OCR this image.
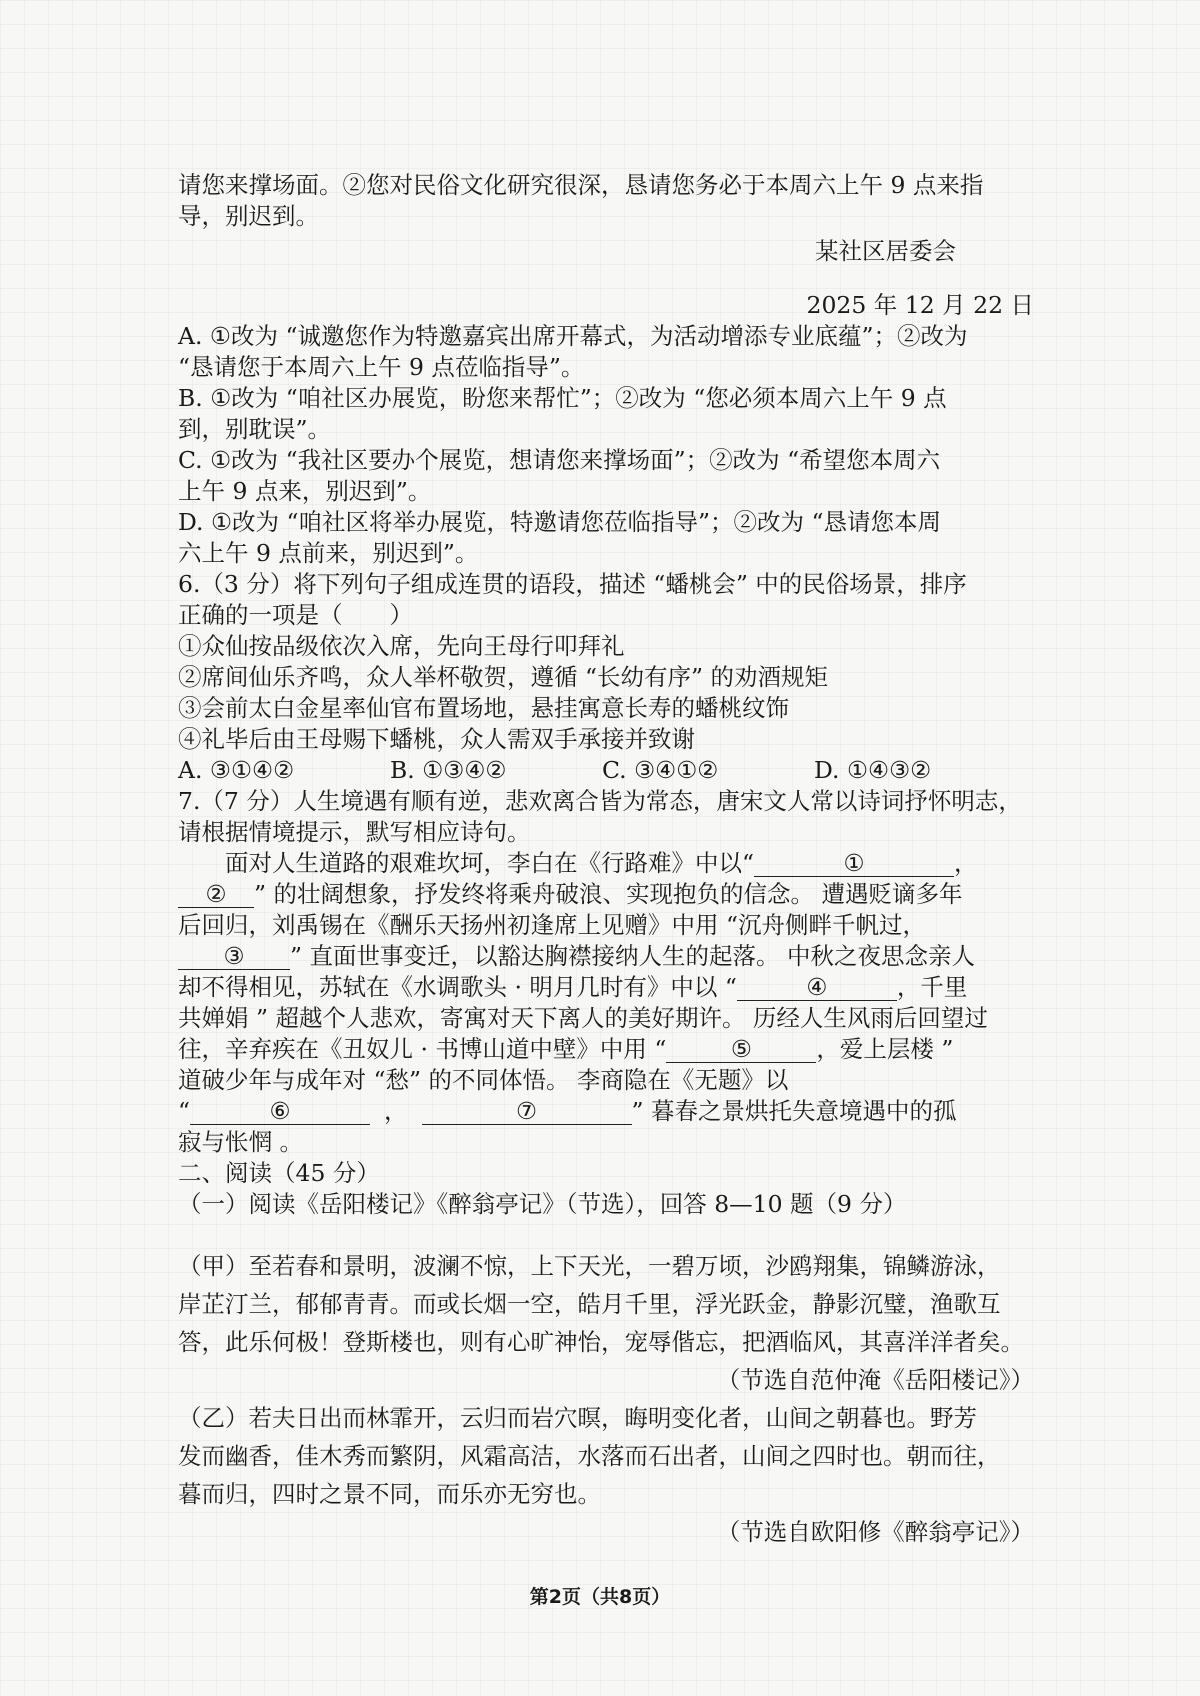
请您来撑场面。②您对民俗文化研究很深，恳请您务必于本周六上午 9 点来指
导，别迟到。
某社区居委会
2025 年 12 月 22 日
A. ①改为 “诚邀您作为特邀嘉宾出席开幕式，为活动增添专业底蕴”；②改为
“恳请您于本周六上午 9 点莅临指导”。
B. ①改为 “咱社区办展览，盼您来帮忙”；②改为 “您必须本周六上午 9 点
到，别耽误”。
C. ①改为 “我社区要办个展览，想请您来撑场面”；②改为 “希望您本周六
上午 9 点来，别迟到”。
D. ①改为 “咱社区将举办展览，特邀请您莅临指导”；②改为 “恳请您本周
六上午 9 点前来，别迟到”。
6.（3 分）将下列句子组成连贯的语段，描述 “蟠桃会” 中的民俗场景，排序
正确的一项是（　　）
①众仙按品级依次入席，先向王母行叩拜礼
②席间仙乐齐鸣，众人举杯敬贺，遵循 “长幼有序” 的劝酒规矩
③会前太白金星率仙官布置场地，悬挂寓意长寿的蟠桃纹饰
④礼毕后由王母赐下蟠桃，众人需双手承接并致谢
A. ③①④②	B. ①③④②	C. ③④①②	D. ①④③②
7.（7 分）人生境遇有顺有逆，悲欢离合皆为常态，唐宋文人常以诗词抒怀明志，
请根据情境提示，默写相应诗句。
面对人生道路的艰难坎坷，李白在《行路难》中以“	①	，
② ” 的壮阔想象，抒发终将乘舟破浪、实现抱负的信念。 遭遇贬谪多年
后回归，刘禹锡在《酬乐天扬州初逢席上见赠》中用 “沉舟侧畔千帆过，
③ ” 直面世事变迁，以豁达胸襟接纳人生的起落。 中秋之夜思念亲人
却不得相见，苏轼在《水调歌头 · 明月几时有》中以 “	④	，千里
共婵娟 ” 超越个人悲欢，寄寓对天下离人的美好期许。 历经人生风雨后回望过
往，辛弃疾在《丑奴儿 · 书博山道中壁》中用 “	⑤	，爱上层楼 ”
道破少年与成年对 “愁” 的不同体悟。 李商隐在《无题》以
“	⑥	，	⑦	” 暮春之景烘托失意境遇中的孤
寂与怅惘 。
二、阅读（45 分）
（一）阅读《岳阳楼记》《醉翁亭记》（节选），回答 8—10 题（9 分）
（甲）至若春和景明，波澜不惊，上下天光，一碧万顷，沙鸥翔集，锦鳞游泳，
岸芷汀兰，郁郁青青。而或长烟一空，皓月千里，浮光跃金，静影沉璧，渔歌互
答，此乐何极！登斯楼也，则有心旷神怡，宠辱偕忘，把酒临风，其喜洋洋者矣。
（节选自范仲淹《岳阳楼记》）
（乙）若夫日出而林霏开，云归而岩穴暝，晦明变化者，山间之朝暮也。野芳
发而幽香，佳木秀而繁阴，风霜高洁，水落而石出者，山间之四时也。朝而往，
暮而归，四时之景不同，而乐亦无穷也。
（节选自欧阳修《醉翁亭记》）
第2页（共8页）
